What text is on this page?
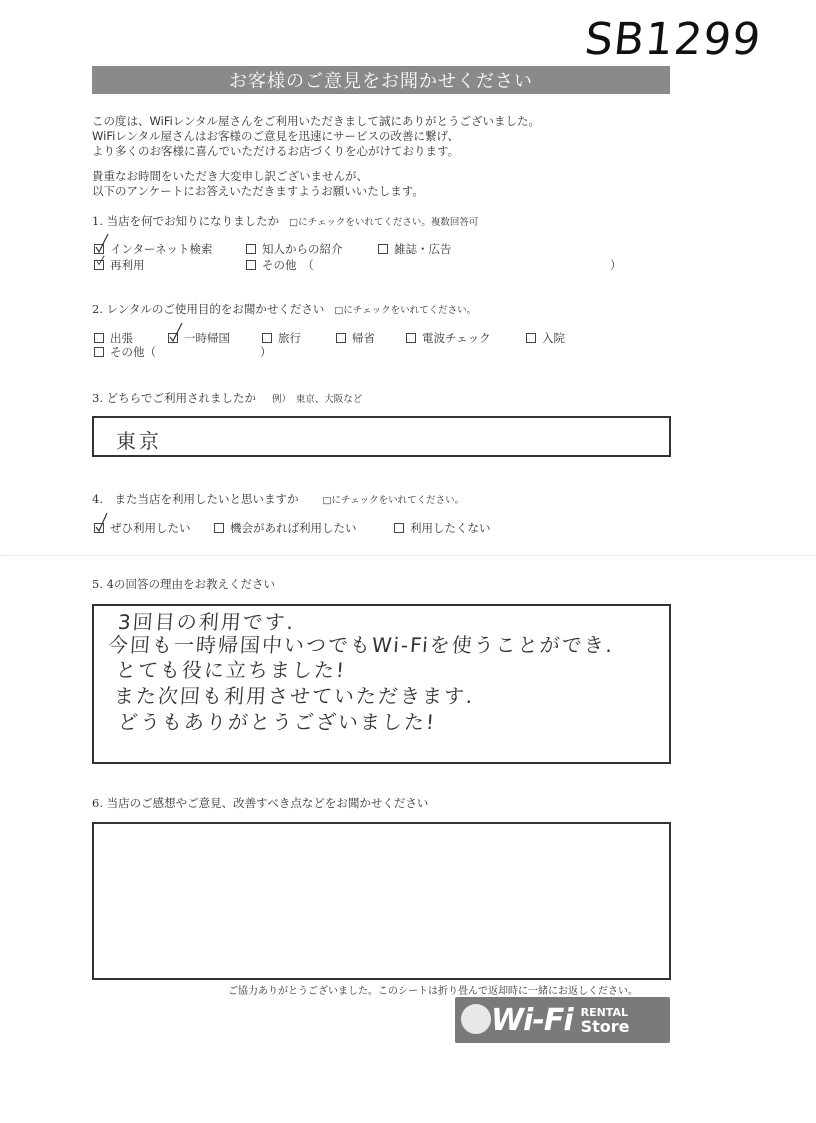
SB1299
お客様のご意見をお聞かせください
この度は、WiFiレンタル屋さんをご利用いただきまして誠にありがとうございました。
WiFiレンタル屋さんはお客様のご意見を迅速にサービスの改善に繋げ、
より多くのお客様に喜んでいただけるお店づくりを心がけております。
貴重なお時間をいただき大変申し訳ございませんが、
以下のアンケートにお答えいただきますようお願いいたします。
1. 当店を何でお知りになりましたか □にチェックをいれてください。複数回答可
インターネット検索	知人からの紹介	雑誌・広告
再利用	その他　（	）
2. レンタルのご使用目的をお聞かせください □にチェックをいれてください。
出張	一時帰国	旅行	帰省	電波チェック	入院
その他（	）
3. どちらでご利用されましたか 例）　東京、大阪など
東京
4.　また当店を利用したいと思いますか	□にチェックをいれてください。
ぜひ利用したい	機会があれば利用したい	利用したくない
5. 4の回答の理由をお教えください
3回目の利用です.
今回も一時帰国中いつでもWi-Fiを使うことができ.
とても役に立ちました!
また次回も利用させていただきます.
どうもありがとうございました!
6. 当店のご感想やご意見、改善すべき点などをお聞かせください
ご協力ありがとうございました。このシートは折り畳んで返却時に一緒にお返しください。
Wi-Fi RENTAL
Store
